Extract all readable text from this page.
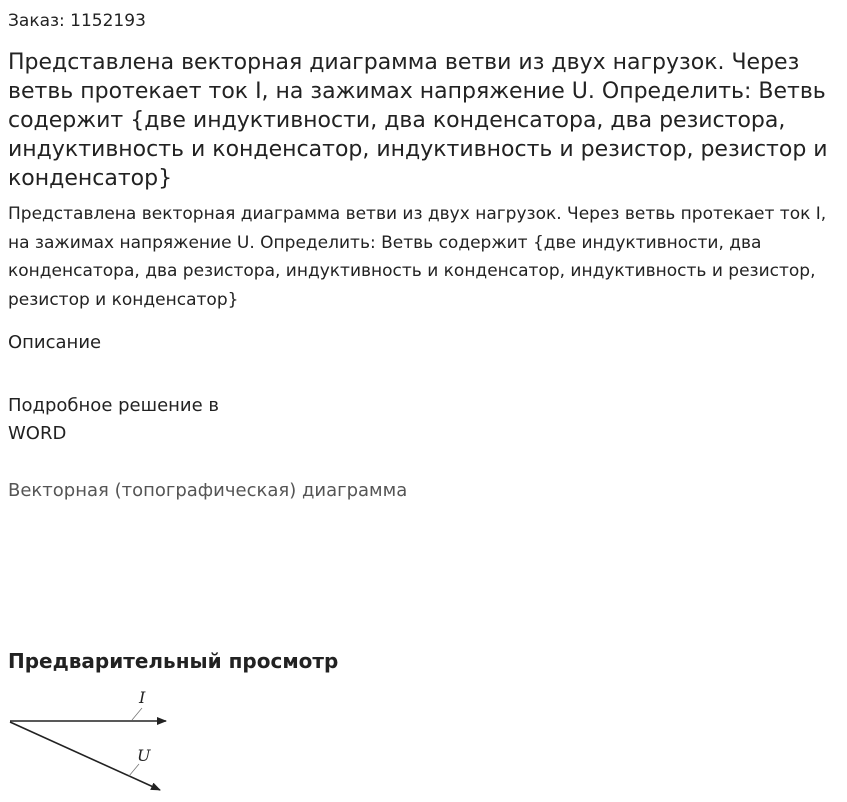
Заказ: 1152193
Представлена векторная диаграмма ветви из двух нагрузок. Через ветвь протекает ток I, на зажимах напряжение U. Определить: Ветвь содержит {две индуктивности, два конденсатора, два резистора, индуктивность и конденсатор, индуктивность и резистор, резистор и конденсатор}

Представлена векторная диаграмма ветви из двух нагрузок. Через ветвь протекает ток I, на зажимах напряжение U. Определить: Ветвь содержит {две индуктивности, два конденсатора, два резистора, индуктивность и конденсатор, индуктивность и резистор, резистор и конденсатор}

Описание

Подробное решение в WORD

Векторная (топографическая) диаграмма
Предварительный просмотр
I
U
